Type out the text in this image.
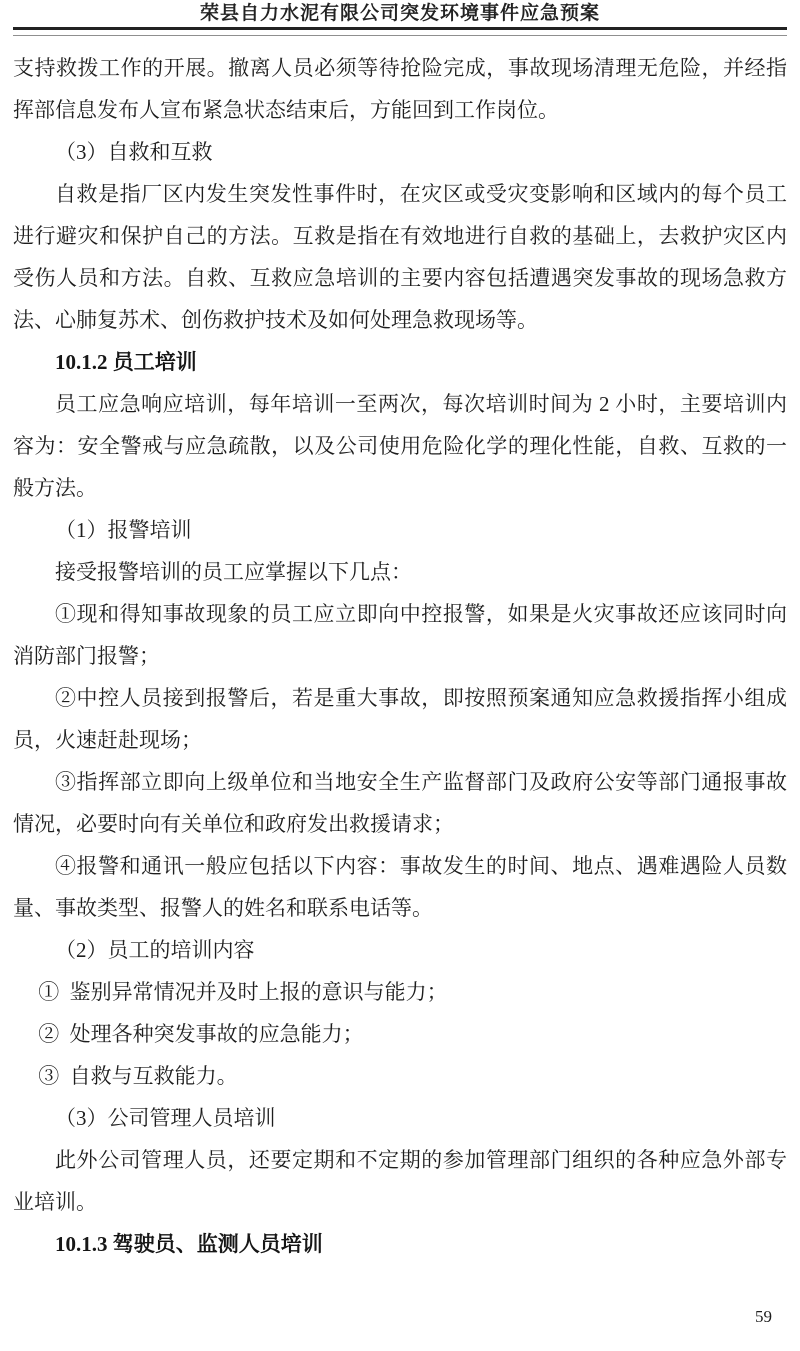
荣县自力水泥有限公司突发环境事件应急预案

支持救拨工作的开展。撤离人员必须等待抢险完成，事故现场清理无危险，并经指挥部信息发布人宣布紧急状态结束后，方能回到工作岗位。

（3）自救和互救

自救是指厂区内发生突发性事件时，在灾区或受灾变影响和区域内的每个员工进行避灾和保护自己的方法。互救是指在有效地进行自救的基础上，去救护灾区内受伤人员和方法。自救、互救应急培训的主要内容包括遭遇突发事故的现场急救方法、心肺复苏术、创伤救护技术及如何处理急救现场等。

10.1.2 员工培训

员工应急响应培训，每年培训一至两次，每次培训时间为 2 小时，主要培训内容为：安全警戒与应急疏散，以及公司使用危险化学的理化性能，自救、互救的一般方法。

（1）报警培训

接受报警培训的员工应掌握以下几点：

①现和得知事故现象的员工应立即向中控报警，如果是火灾事故还应该同时向消防部门报警；

②中控人员接到报警后，若是重大事故，即按照预案通知应急救援指挥小组成员，火速赶赴现场；

③指挥部立即向上级单位和当地安全生产监督部门及政府公安等部门通报事故情况，必要时向有关单位和政府发出救援请求；

④报警和通讯一般应包括以下内容：事故发生的时间、地点、遇难遇险人员数量、事故类型、报警人的姓名和联系电话等。

（2）员工的培训内容

① 鉴别异常情况并及时上报的意识与能力；

② 处理各种突发事故的应急能力；

③ 自救与互救能力。

（3）公司管理人员培训

此外公司管理人员，还要定期和不定期的参加管理部门组织的各种应急外部专业培训。

10.1.3 驾驶员、监测人员培训

59
